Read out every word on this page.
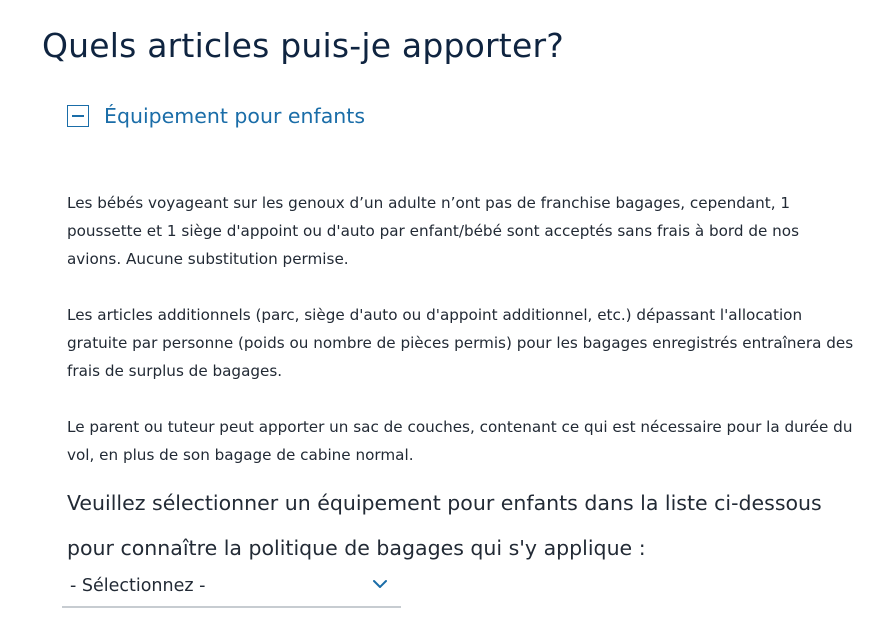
Quels articles puis-je apporter?
Équipement pour enfants

Les bébés voyageant sur les genoux d’un adulte n’ont pas de franchise bagages, cependant, 1 poussette et 1 siège d'appoint ou d'auto par enfant/bébé sont acceptés sans frais à bord de nos avions. Aucune substitution permise.

Les articles additionnels (parc, siège d'auto ou d'appoint additionnel, etc.) dépassant l'allocation gratuite par personne (poids ou nombre de pièces permis) pour les bagages enregistrés entraînera des frais de surplus de bagages.

Le parent ou tuteur peut apporter un sac de couches, contenant ce qui est nécessaire pour la durée du vol, en plus de son bagage de cabine normal.

Veuillez sélectionner un équipement pour enfants dans la liste ci-dessous pour connaître la politique de bagages qui s'y applique :

- Sélectionnez -
